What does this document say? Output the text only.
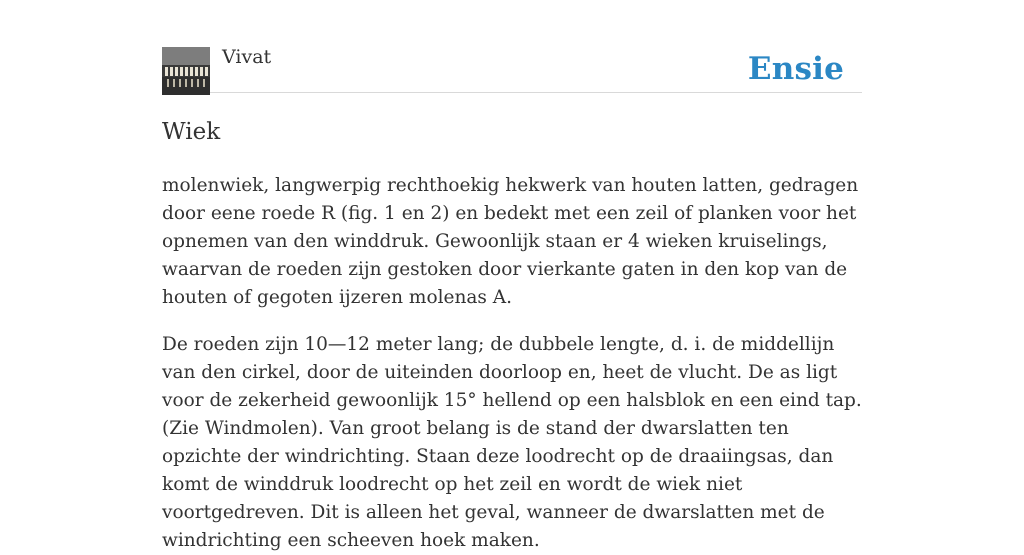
Vivat	Ensie
Wiek

molenwiek, langwerpig rechthoekig hekwerk van houten latten, gedragen door eene roede R (fig. 1 en 2) en bedekt met een zeil of planken voor het opnemen van den winddruk. Gewoonlijk staan er 4 wieken kruiselings, waarvan de roeden zijn gestoken door vierkante gaten in den kop van de houten of gegoten ijzeren molenas A.

De roeden zijn 10—12 meter lang; de dubbele lengte, d. i. de middellijn van den cirkel, door de uiteinden doorloop en, heet de vlucht. De as ligt voor de zekerheid gewoonlijk 15° hellend op een halsblok en een eind tap. (Zie Windmolen). Van groot belang is de stand der dwarslatten ten opzichte der windrichting. Staan deze loodrecht op de draaiingsas, dan komt de winddruk loodrecht op het zeil en wordt de wiek niet voortgedreven. Dit is alleen het geval, wanneer de dwarslatten met de windrichting een scheeven hoek maken.
